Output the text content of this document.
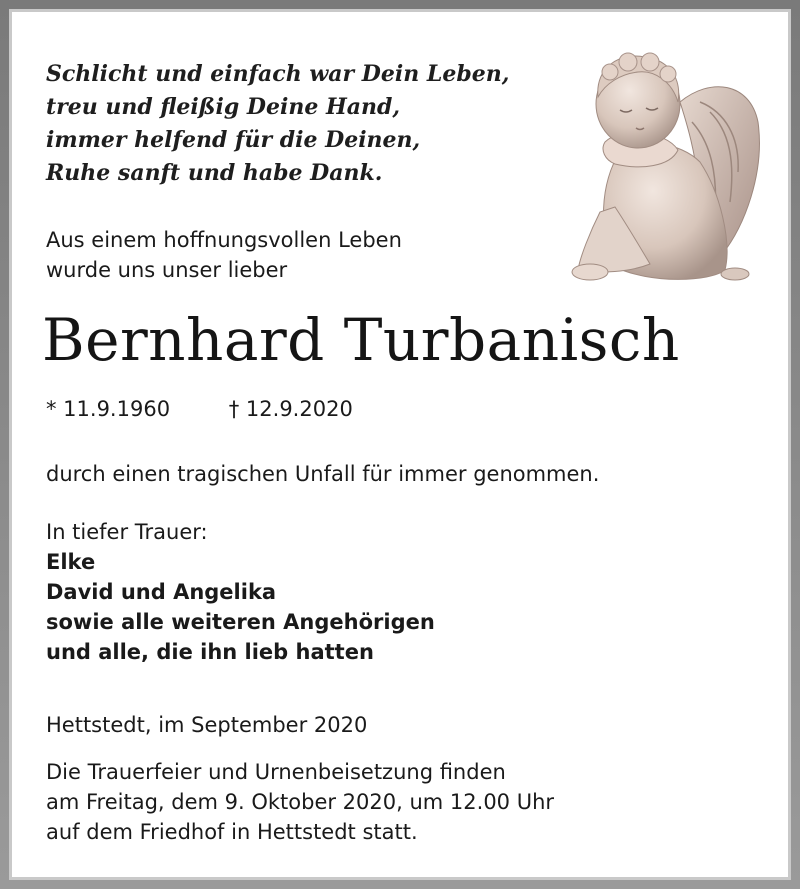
Schlicht und einfach war Dein Leben,
treu und fleißig Deine Hand,
immer helfend für die Deinen,
Ruhe sanft und habe Dank.
Aus einem hoffnungsvollen Leben
wurde uns unser lieber
Bernhard Turbanisch
* 11.9.1960	† 12.9.2020
durch einen tragischen Unfall für immer genommen.
In tiefer Trauer:
Elke
David und Angelika
sowie alle weiteren Angehörigen
und alle, die ihn lieb hatten
Hettstedt, im September 2020
Die Trauerfeier und Urnenbeisetzung finden
am Freitag, dem 9. Oktober 2020, um 12.00 Uhr
auf dem Friedhof in Hettstedt statt.
